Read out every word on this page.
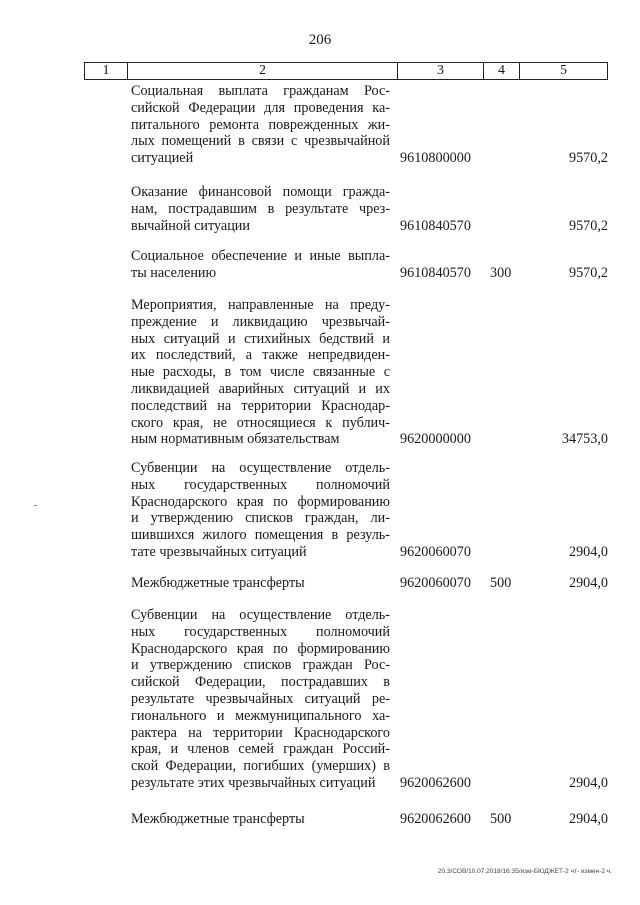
206
1	2	3	4	5
Социальная выплата гражданам Рос-
сийской Федерации для проведения ка-
питального ремонта поврежденных жи-
лых помещений в связи с чрезвычайной
ситуацией	9610800000	9570,2
Оказание финансовой помощи гражда-
нам, пострадавшим в результате чрез-
вычайной ситуации	9610840570	9570,2
Социальное обеспечение и иные выпла-
ты населению	9610840570 300	9570,2
Мероприятия, направленные на преду-
преждение и ликвидацию чрезвычай-
ных ситуаций и стихийных бедствий и
их последствий, а также непредвиден-
ные расходы, в том числе связанные с
ликвидацией аварийных ситуаций и их
последствий на территории Краснодар-
ского края, не относящиеся к публич-
ным нормативным обязательствам	9620000000	34753,0
Субвенции на осуществление отдель-
ных государственных полномочий
Краснодарского края по формированию
и утверждению списков граждан, ли-
шившихся жилого помещения в резуль-
тате чрезвычайных ситуаций	9620060070	2904,0
Межбюджетные трансферты	9620060070 500	2904,0
Субвенции на осуществление отдель-
ных государственных полномочий
Краснодарского края по формированию
и утверждению списков граждан Рос-
сийской Федерации, пострадавших в
результате чрезвычайных ситуаций ре-
гионального и межмуниципального ха-
рактера на территории Краснодарского
края, и членов семей граждан Россий-
ской Федерации, погибших (умерших) в
результате этих чрезвычайных ситуаций	9620062600	2904,0
Межбюджетные трансферты	9620062600 500	2904,0
20.3/СОВ/10.07.2018/16:35/изм-БЮДЖЕТ-2 чт- измен-2 ч.
